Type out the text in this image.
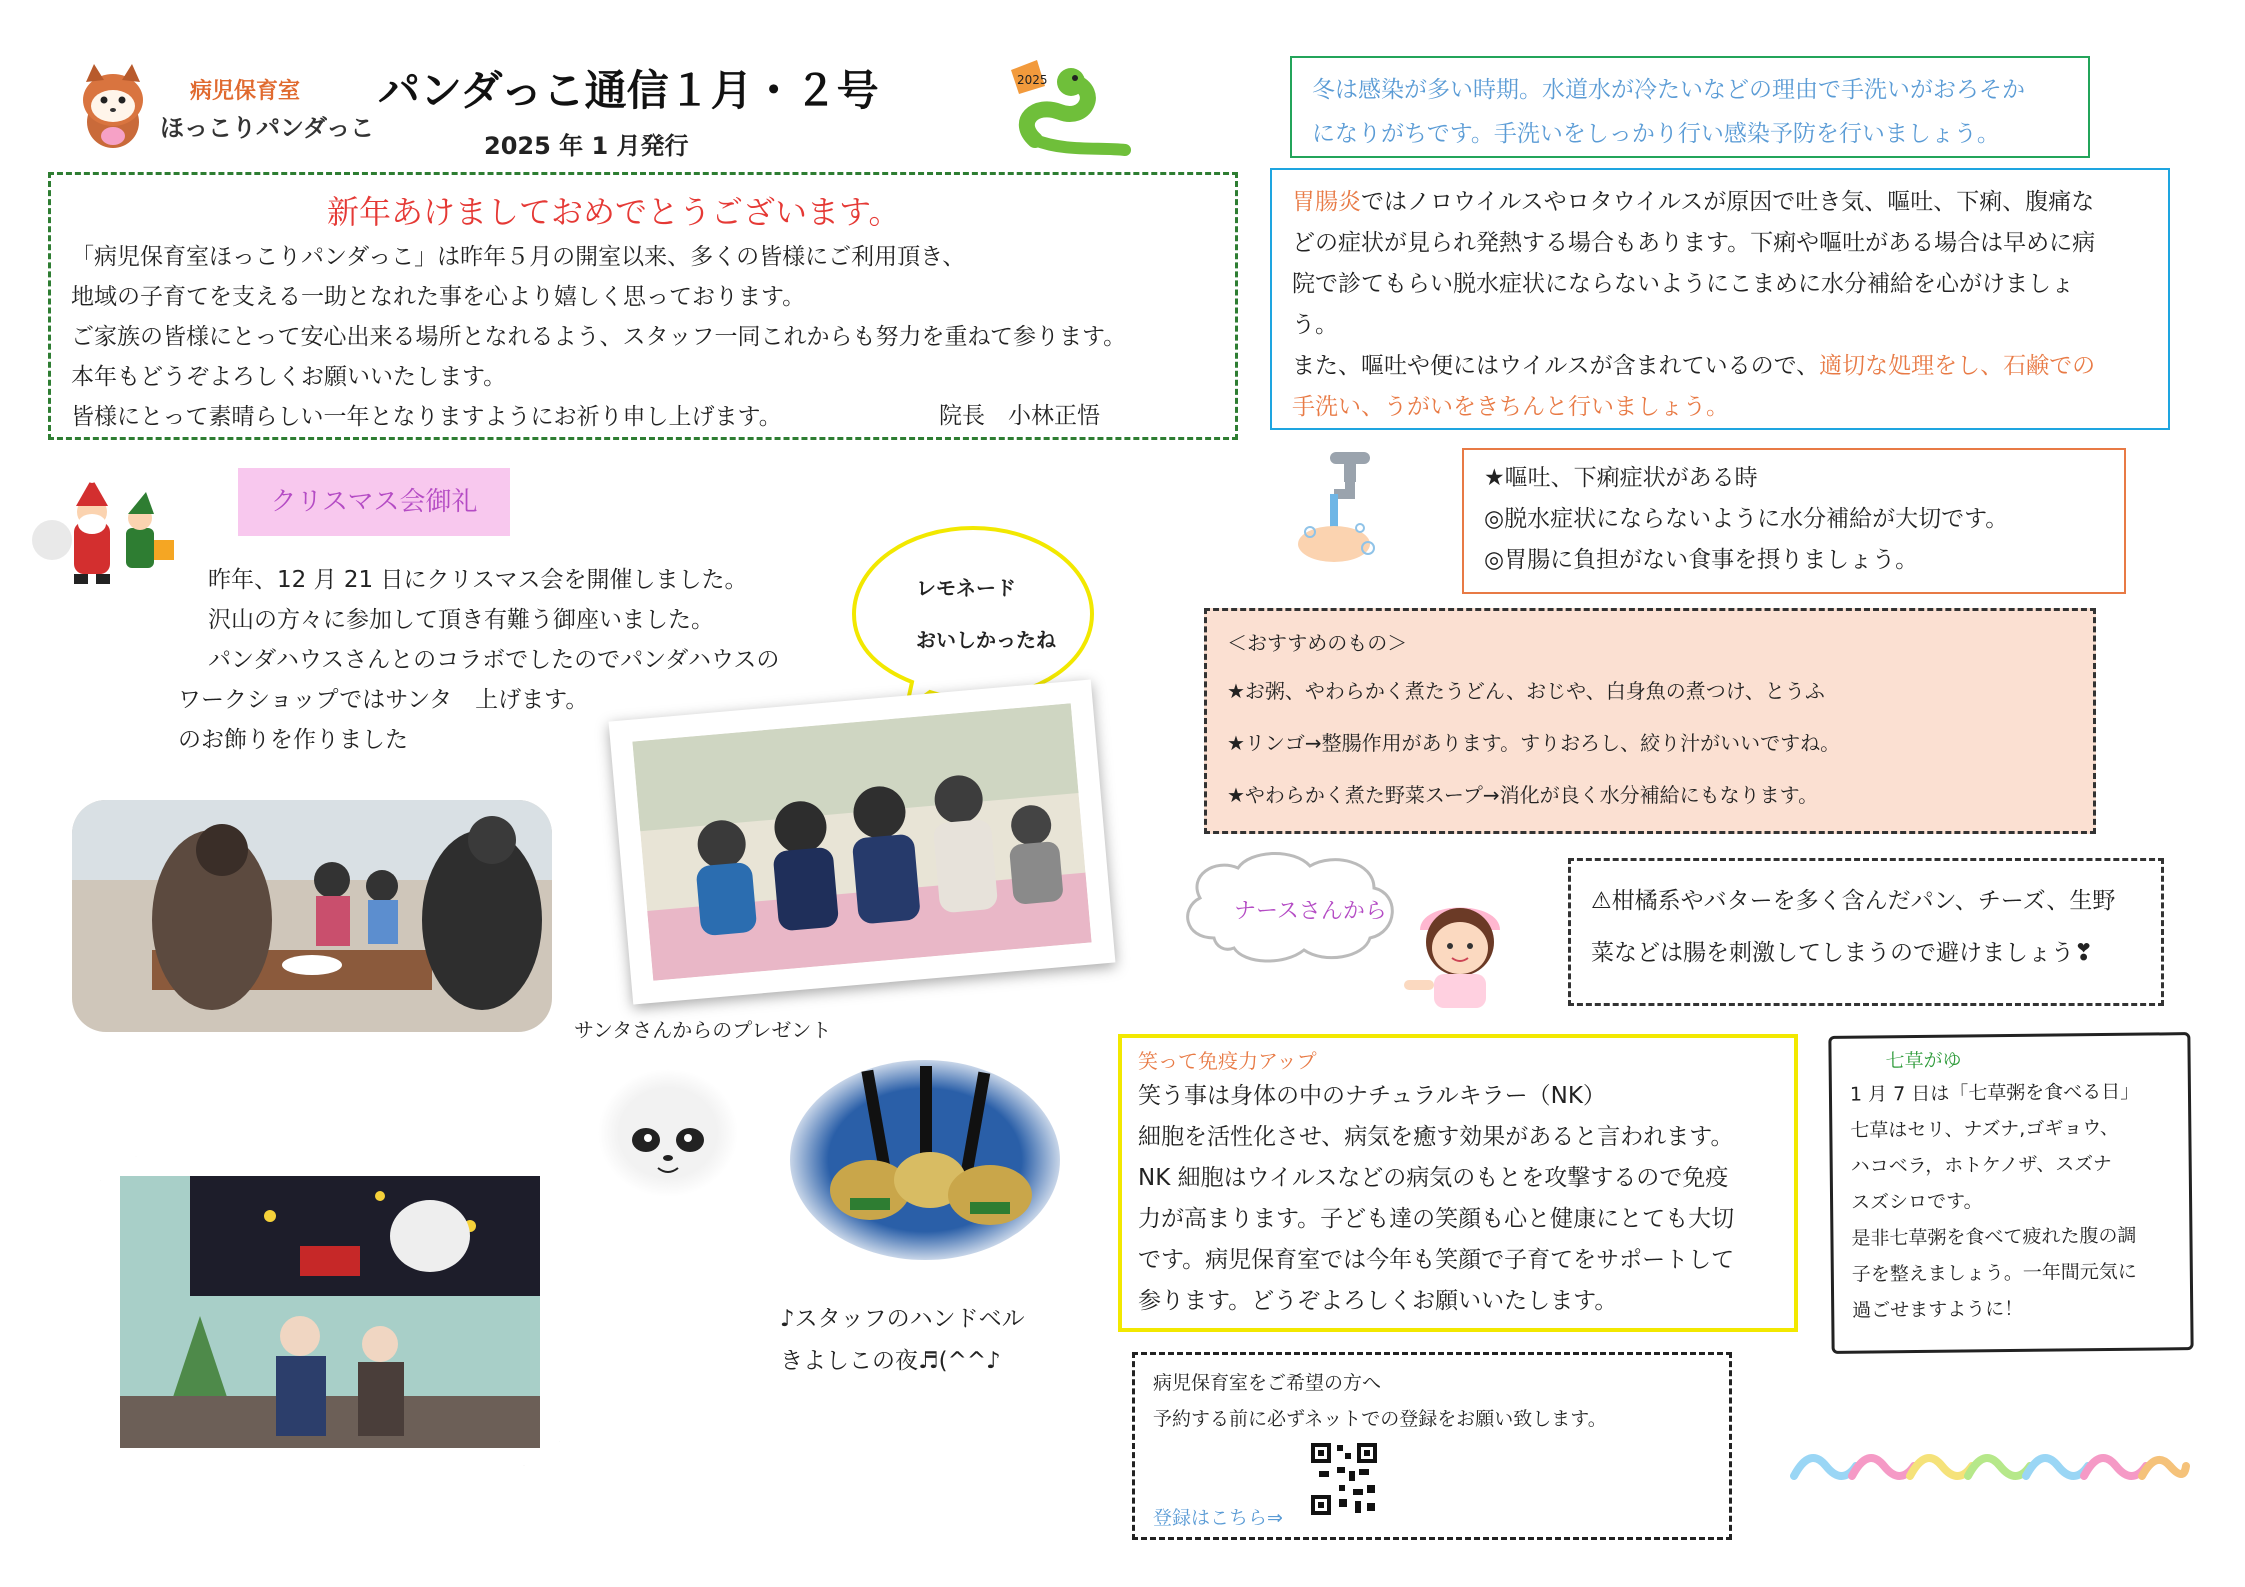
病児保育室
ほっこりパンダっこ
パンダっこ通信１月・２号
2025 年 1 月発行
2025
新年あけましておめでとうございます。
「病児保育室ほっこりパンダっこ」は昨年５月の開室以来、多くの皆様にご利用頂き、
地域の子育てを支える一助となれた事を心より嬉しく思っております。
ご家族の皆様にとって安心出来る場所となれるよう、スタッフ一同これからも努力を重ねて参ります。
本年もどうぞよろしくお願いいたします。
皆様にとって素晴らしい一年となりますようにお祈り申し上げます。	院長　小林正悟
クリスマス会御礼
昨年、12 月 21 日にクリスマス会を開催しました。
沢山の方々に参加して頂き有難う御座いました。
パンダハウスさんとのコラボでしたのでパンダハウスの
ワークショップではサンタ　上げます。
のお飾りを作りました
レモネード
おいしかったね
サンタさんからのプレゼント
♪スタッフのハンドベル
きよしこの夜♬(^^♪
冬は感染が多い時期。水道水が冷たいなどの理由で手洗いがおろそか
になりがちです。手洗いをしっかり行い感染予防を行いましょう。
胃腸炎ではノロウイルスやロタウイルスが原因で吐き気、嘔吐、下痢、腹痛な
どの症状が見られ発熱する場合もあります。下痢や嘔吐がある場合は早めに病
院で診てもらい脱水症状にならないようにこまめに水分補給を心がけましょ
う。
また、嘔吐や便にはウイルスが含まれているので、適切な処理をし、石鹸での
手洗い、うがいをきちんと行いましょう。
★嘔吐、下痢症状がある時
◎脱水症状にならないように水分補給が大切です。
◎胃腸に負担がない食事を摂りましょう。
＜おすすめのもの＞
★お粥、やわらかく煮たうどん、おじや、白身魚の煮つけ、とうふ
★リンゴ→整腸作用があります。すりおろし、絞り汁がいいですね。
★やわらかく煮た野菜スープ→消化が良く水分補給にもなります。
ナースさんから	⚠柑橘系やバターを多く含んだパン、チーズ、生野
菜などは腸を刺激してしまうので避けましょう❣
笑って免疫力アップ
笑う事は身体の中のナチュラルキラー（NK）
細胞を活性化させ、病気を癒す効果があると言われます。
NK 細胞はウイルスなどの病気のもとを攻撃するので免疫
力が高まります。子ども達の笑顔も心と健康にとても大切
です。病児保育室では今年も笑顔で子育てをサポートして
参ります。どうぞよろしくお願いいたします。
七草がゆ
1 月 7 日は「七草粥を食べる日」
七草はセリ、ナズナ,ゴギョウ、
ハコベラ，ホトケノザ、スズナ
スズシロです。
是非七草粥を食べて疲れた腹の調
子を整えましょう。一年間元気に
過ごせますように！
病児保育室をご希望の方へ
予約する前に必ずネットでの登録をお願い致します。
登録はこちら⇒
